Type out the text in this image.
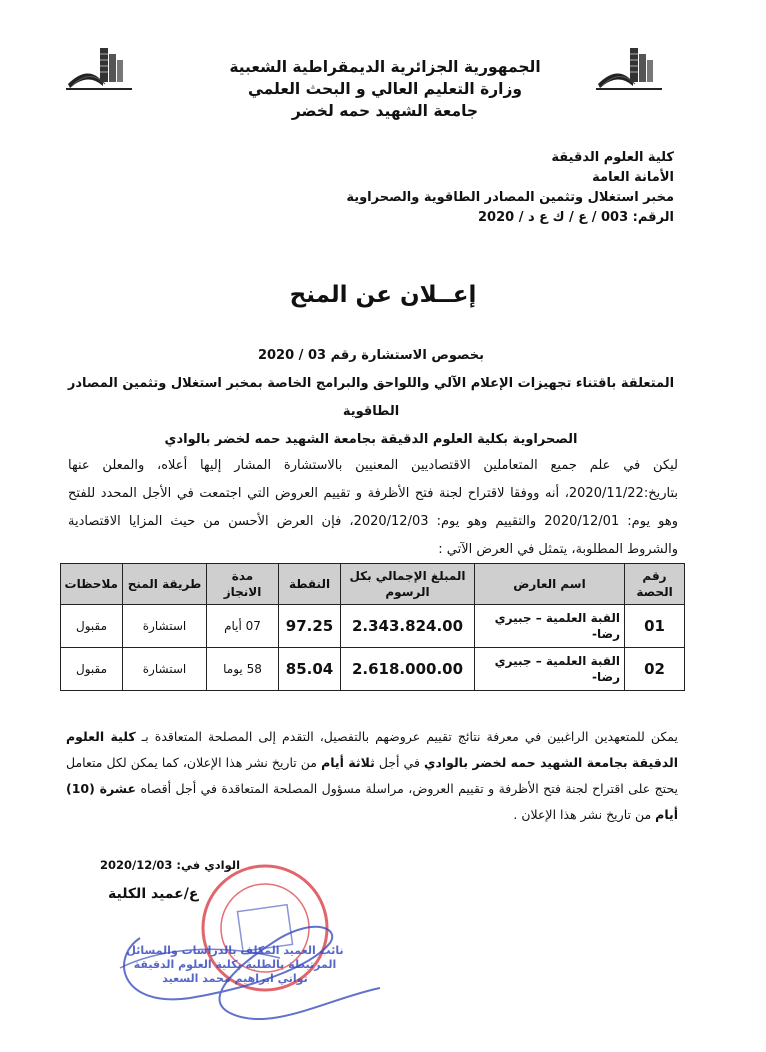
الجمهورية الجزائرية الديمقراطية الشعبية
وزارة التعليم العالي و البحث العلمي
جامعة الشهيد حمه لخضر
كلية العلوم الدقيقة
الأمانة العامة
مخبر استغلال وتثمين المصادر الطاقوية والصحراوية
الرقم: 003 / ع / ك ع د / 2020
إعــلان عن المنح
بخصوص الاستشارة رقم 03 / 2020
المتعلقة باقتناء تجهيزات الإعلام الآلي واللواحق والبرامج الخاصة بمخبر استغلال وتثمين المصادر الطاقوية
الصحراوية بكلية العلوم الدقيقة بجامعة الشهيد حمه لخضر بالوادي
ليكن في علم جميع المتعاملين الاقتصاديين المعنيين بالاستشارة المشار إليها أعلاه، والمعلن عنها بتاريخ:2020/11/22، أنه ووفقا لاقتراح لجنة فتح الأظرفة و تقييم العروض التي اجتمعت في الأجل المحدد للفتح وهو يوم: 2020/12/01 والتقييم وهو يوم: 2020/12/03، فإن العرض الأحسن من حيث المزايا الاقتصادية والشروط المطلوبة، يتمثل في العرض الآتي :
رقم الحصة	اسم العارض	المبلغ الإجمالي بكل الرسوم	النقطة	مدة الانجاز	طريقة المنح	ملاحظات
01	القبة العلمية – جبيري رضا-	2.343.824.00	97.25	07 أيام	استشارة	مقبول
02	القبة العلمية – جبيري رضا-	2.618.000.00	85.04	58 يوما	استشارة	مقبول
يمكن للمتعهدين الراغبين في معرفة نتائج تقييم عروضهم بالتفصيل، التقدم إلى المصلحة المتعاقدة بـ كلية العلوم الدقيقة بجامعة الشهيد حمه لخضر بالوادي في أجل ثلاثة أيام من تاريخ نشر هذا الإعلان، كما يمكن لكل متعامل يحتج على اقتراح لجنة فتح الأظرفة و تقييم العروض، مراسلة مسؤول المصلحة المتعاقدة في أجل أقصاه عشرة (10) أيام من تاريخ نشر هذا الإعلان .
الوادي في: 2020/12/03
ع/عميد الكلية
نائب العميد المكلف بالدراسات والمسائل
المرتبطة بالطلبة بكلية العلوم الدقيقة
تواتي ابراهيم محمد السعيد
